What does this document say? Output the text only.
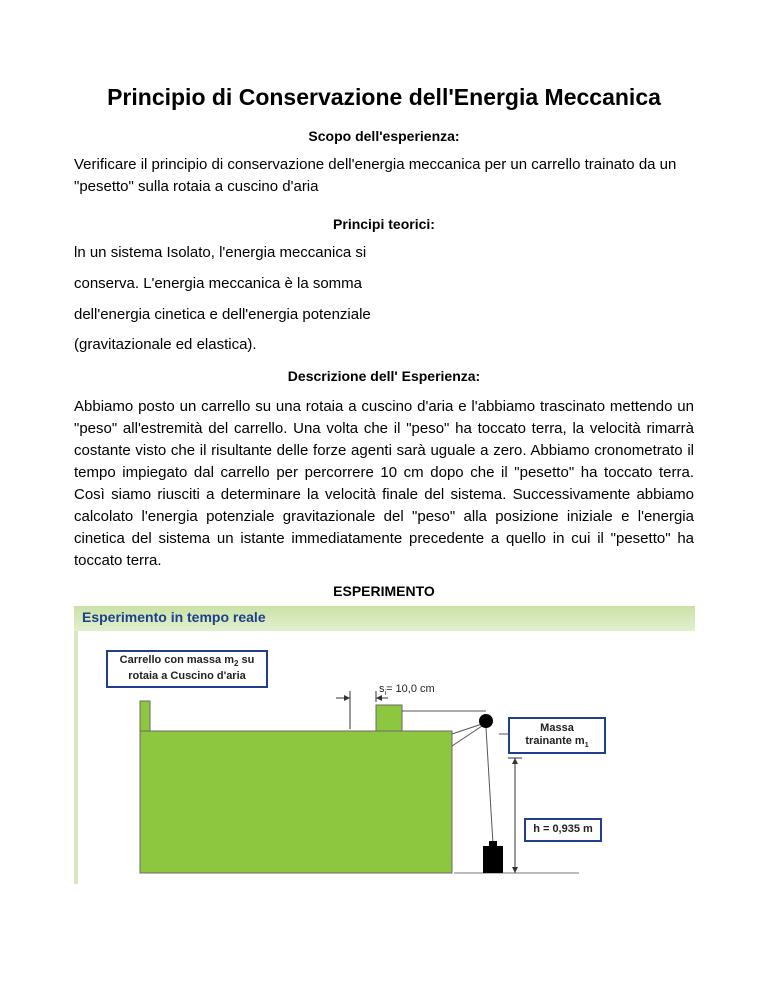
Principio di Conservazione dell'Energia Meccanica
Scopo dell'esperienza:
Verificare il principio di conservazione dell'energia meccanica per un carrello trainato da un "pesetto" sulla rotaia a cuscino d'aria
Principi teorici:
ln un sistema Isolato, l'energia meccanica si
conserva. L'energia meccanica è la somma
dell'energia cinetica e dell'energia potenziale
(gravitazionale ed elastica).
Descrizione dell' Esperienza:
Abbiamo posto un carrello su una rotaia a cuscino d'aria e l'abbiamo trascinato mettendo un "peso" all'estremità del carrello. Una volta che il "peso" ha toccato terra, la velocità rimarrà costante visto che il risultante delle forze agenti sarà uguale a zero. Abbiamo cronometrato il tempo impiegato dal carrello per percorrere 10 cm dopo che il "pesetto" ha toccato terra. Così siamo riusciti a determinare la velocità finale del sistema. Successivamente abbiamo calcolato l'energia potenziale gravitazionale del "peso" alla posizione iniziale e l'energia cinetica del sistema un istante immediatamente precedente a quello in cui il "pesetto" ha toccato terra.
ESPERIMENTO
Esperimento in tempo reale
Carrello con massa $m_2$ su
rotaia a Cuscino d'aria
$s_i= 10,0$ cm
Massa
trainante $m_1$
h = 0,935 m
